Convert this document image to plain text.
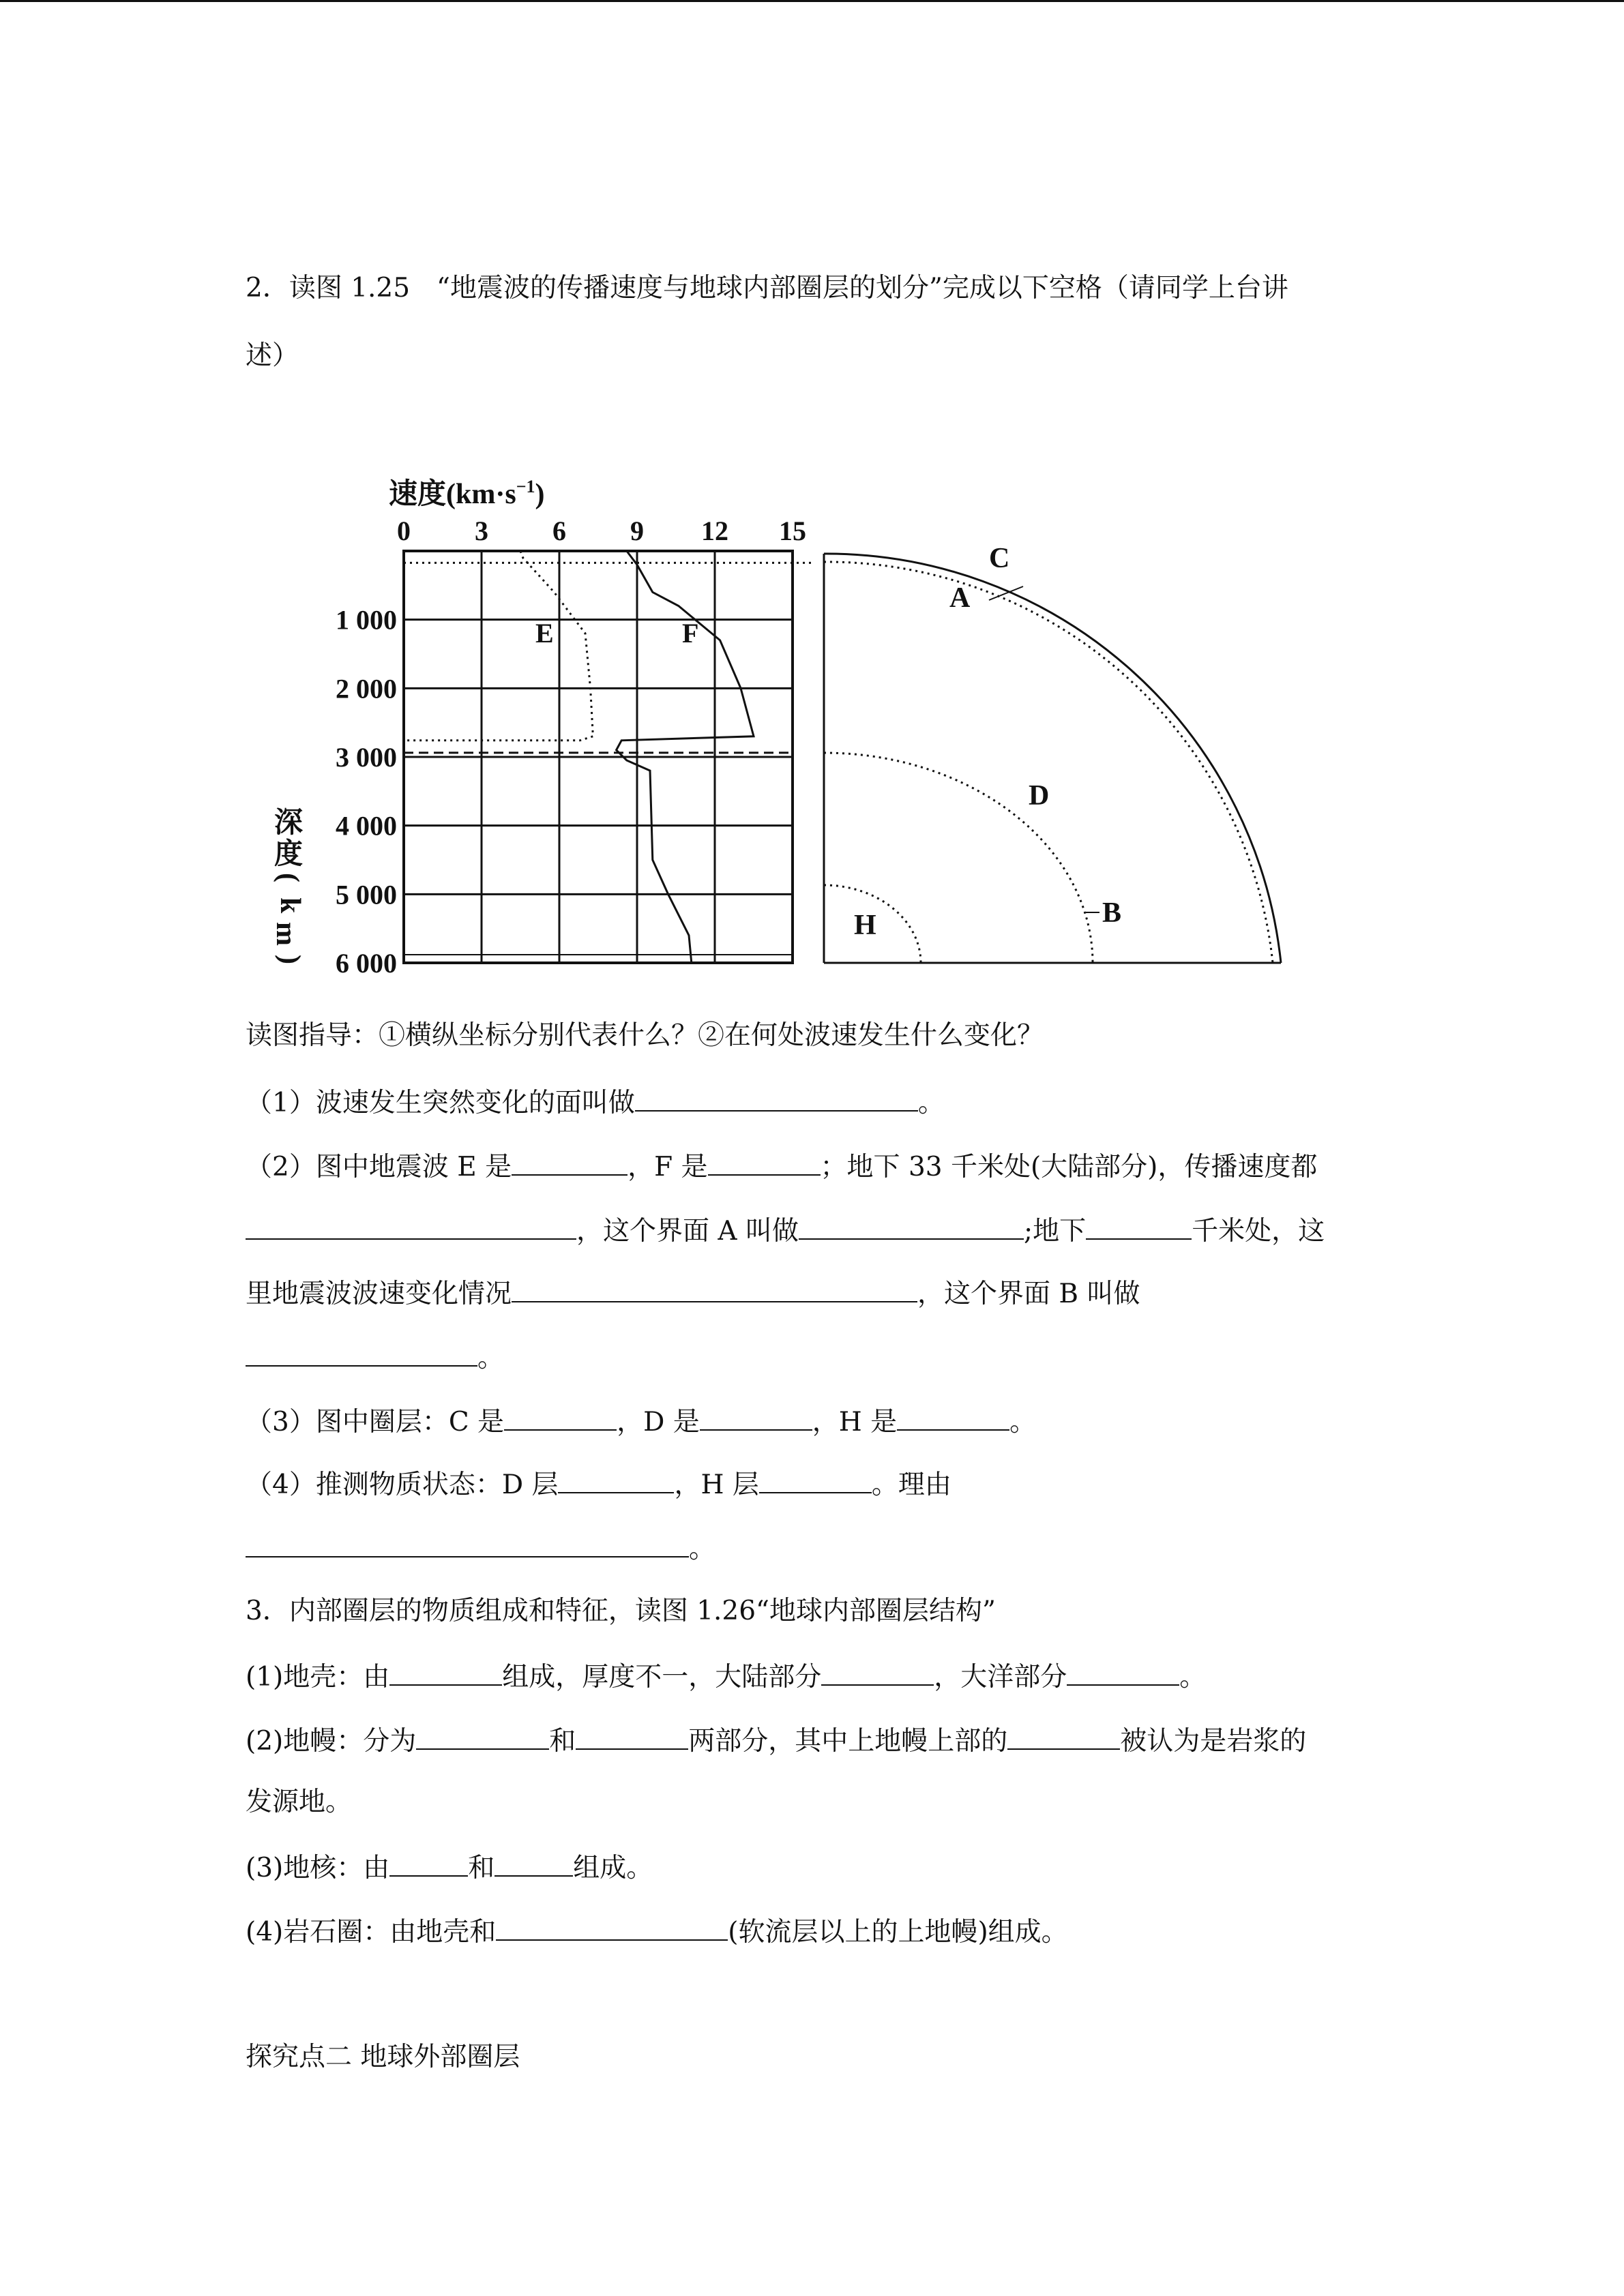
2．读图 1.25　“地震波的传播速度与地球内部圈层的划分”完成以下空格（请同学上台讲

述）

速度$(km\cdot s^{-1})$
0 3 6 9 12 15
1 000
2 000
3 000
4 000
5 000
6 000
E	F
深
度
(
k
m
)
C
A
D
B
H

读图指导：①横纵坐标分别代表什么？②在何处波速发生什么变化？

（1）波速发生突然变化的面叫做	。

（2）图中地震波 E 是	，F 是	；地下 33 千米处(大陆部分)，传播速度都

，这个界面 A 叫做	;地下	千米处，这

里地震波波速变化情况	，这个界面 B 叫做

。

（3）图中圈层：C 是	，D 是	，H 是	。

（4）推测物质状态：D 层	，H 层	。理由

。

3．内部圈层的物质组成和特征，读图 1.26“地球内部圈层结构”

(1)地壳：由	组成，厚度不一，大陆部分	，大洋部分	。

(2)地幔：分为	和	两部分，其中上地幔上部的	被认为是岩浆的

发源地。

(3)地核：由	和	组成。

(4)岩石圈：由地壳和	(软流层以上的上地幔)组成。

探究点二 地球外部圈层
